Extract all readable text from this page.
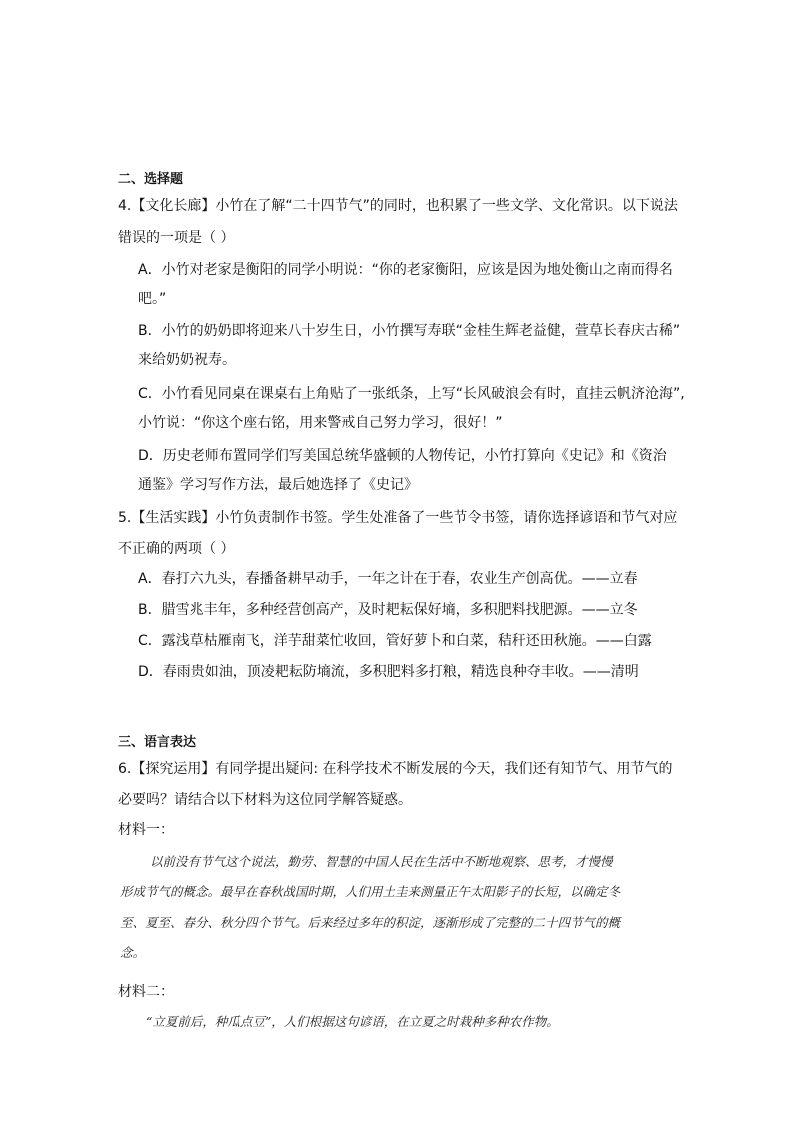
二、选择题
4.【文化长廊】小竹在了解“二十四节气”的同时，也积累了一些文学、文化常识。以下说法
错误的一项是（ ）
A．小竹对老家是衡阳的同学小明说：“你的老家衡阳，应该是因为地处衡山之南而得名
吧。”
B．小竹的奶奶即将迎来八十岁生日，小竹撰写寿联“金桂生辉老益健，萱草长春庆古稀”
来给奶奶祝寿。
C．小竹看见同桌在课桌右上角贴了一张纸条，上写“长风破浪会有时，直挂云帆济沧海”,
小竹说：“你这个座右铭，用来警戒自己努力学习，很好！”
D．历史老师布置同学们写美国总统华盛顿的人物传记，小竹打算向《史记》和《资治
通鉴》学习写作方法，最后她选择了《史记》
5.【生活实践】小竹负责制作书签。学生处准备了一些节令书签，请你选择谚语和节气对应
不正确的两项（ ）
A．春打六九头，春播备耕早动手，一年之计在于春，农业生产创高优。——立春
B．腊雪兆丰年，多种经营创高产，及时耙耘保好墒，多积肥料找肥源。——立冬
C．露浅草枯雁南飞，洋芋甜菜忙收回，管好萝卜和白菜，秸秆还田秋施。——白露
D．春雨贵如油，顶凌耙耘防墒流，多积肥料多打粮，精选良种夺丰收。——清明
三、语言表达
6.【探究运用】有同学提出疑问: 在科学技术不断发展的今天，我们还有知节气、用节气的
必要吗？请结合以下材料为这位同学解答疑惑。
材料一：
以前没有节气这个说法，勤劳、智慧的中国人民在生活中不断地观察、思考，才慢慢
形成节气的概念。最早在春秋战国时期，人们用土圭来测量正午太阳影子的长短，以确定冬
至、夏至、春分、秋分四个节气。后来经过多年的积淀，逐渐形成了完整的二十四节气的概
念。
材料二：
“立夏前后，种瓜点豆”，人们根据这句谚语，在立夏之时栽种多种农作物。
